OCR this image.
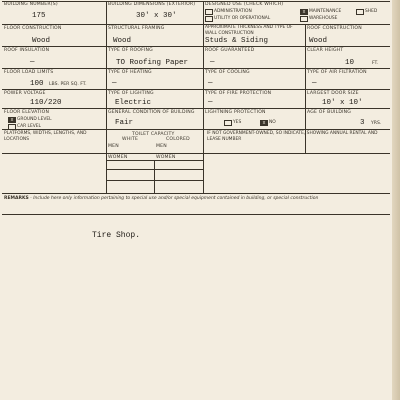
BUILDING NUMBER(S)
175
BUILDING DIMENSIONS (EXTERIOR)
30' x 30'
DESIGNED USE (CHECK WHICH)
ADMINISTRATION	x MAINTENANCE	SHED
UTILITY OR OPERATIONAL	WAREHOUSE
FLOOR CONSTRUCTION
Wood
STRUCTURAL FRAMING
Wood
APPROXIMATE THICKNESS AND TYPE OF WALL CONSTRUCTION
Studs & Siding
ROOF CONSTRUCTION
Wood
ROOF INSULATION
—
TYPE OF ROOFING
TO Roofing Paper
ROOF GUARANTEED
—
CLEAR HEIGHT
10	FT.
FLOOR LOAD LIMITS
100 LBS. PER SQ. FT.
TYPE OF HEATING
—
TYPE OF COOLING
—
TYPE OF AIR FILTRATION
—
POWER VOLTAGE
110/220
TYPE OF LIGHTING
Electric
TYPE OF FIRE PROTECTION
—
LARGEST DOOR SIZE
10' x 10'
FLOOR ELEVATION
x GROUND LEVEL
CAR LEVEL
GENERAL CONDITION OF BUILDING
Fair
LIGHTNING PROTECTION
YES	x NO
AGE OF BUILDING
3 YRS.
PLATFORMS, WIDTHS, LENGTHS, AND LOCATIONS
TOILET CAPACITY
WHITE	COLORED
MEN	MEN
WOMEN	WOMEN
IF NOT GOVERNMENT-OWNED, SO INDICATE, SHOWING ANNUAL RENTAL AND LEASE NUMBER
REMARKS - Include here only information pertaining to special use and/or special equipment contained in building, or special construction
Tire Shop.
